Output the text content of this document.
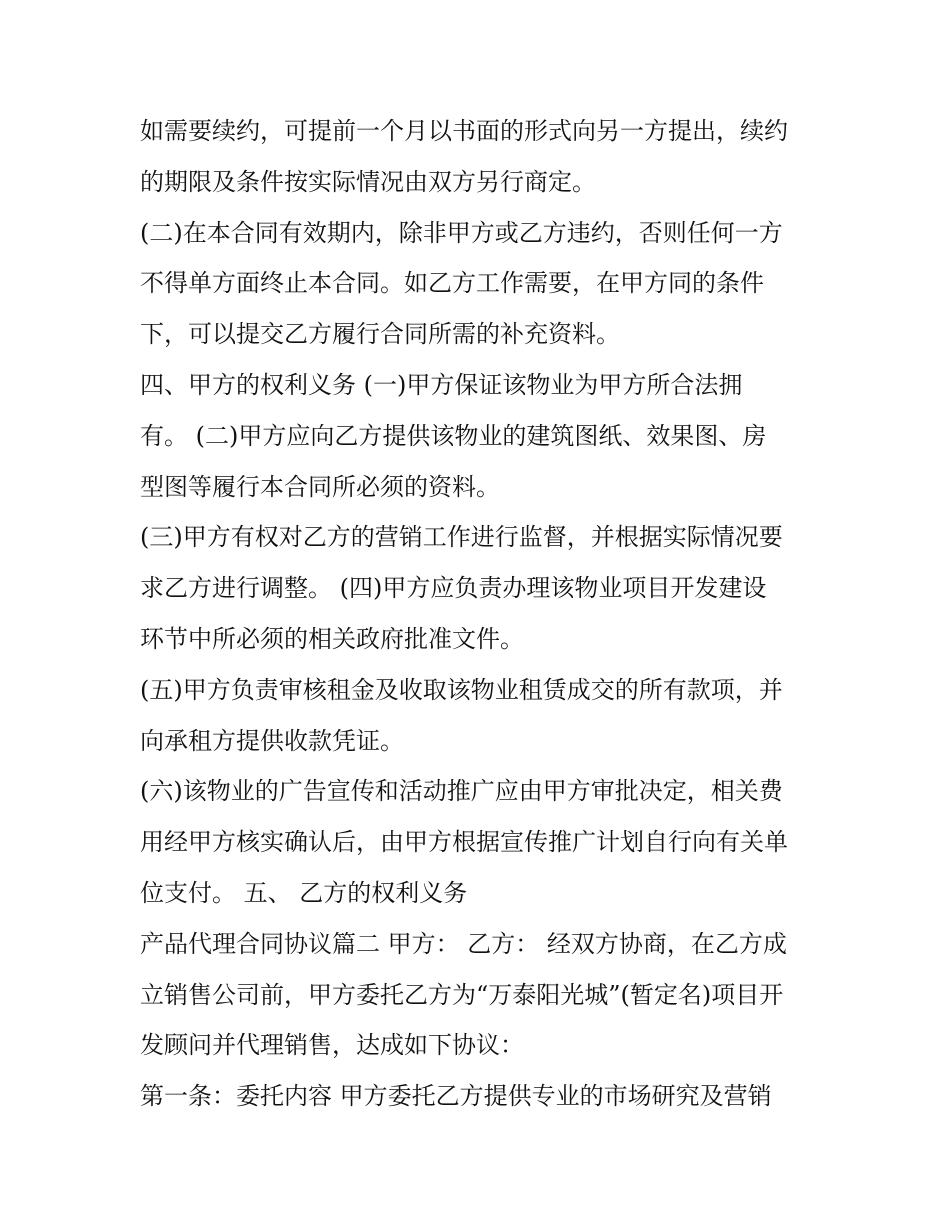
如需要续约，可提前一个月以书面的形式向另一方提出，续约
的期限及条件按实际情况由双方另行商定。
(二)在本合同有效期内，除非甲方或乙方违约，否则任何一方
不得单方面终止本合同。如乙方工作需要，在甲方同的条件
下，可以提交乙方履行合同所需的补充资料。
四、甲方的权利义务 (一)甲方保证该物业为甲方所合法拥
有。 (二)甲方应向乙方提供该物业的建筑图纸、效果图、房
型图等履行本合同所必须的资料。
(三)甲方有权对乙方的营销工作进行监督，并根据实际情况要
求乙方进行调整。 (四)甲方应负责办理该物业项目开发建设
环节中所必须的相关政府批准文件。
(五)甲方负责审核租金及收取该物业租赁成交的所有款项，并
向承租方提供收款凭证。
(六)该物业的广告宣传和活动推广应由甲方审批决定，相关费
用经甲方核实确认后，由甲方根据宣传推广计划自行向有关单
位支付。 五、 乙方的权利义务
产品代理合同协议篇二 甲方： 乙方： 经双方协商，在乙方成
立销售公司前，甲方委托乙方为“万泰阳光城”(暂定名)项目开
发顾问并代理销售，达成如下协议：
第一条：委托内容 甲方委托乙方提供专业的市场研究及营销
